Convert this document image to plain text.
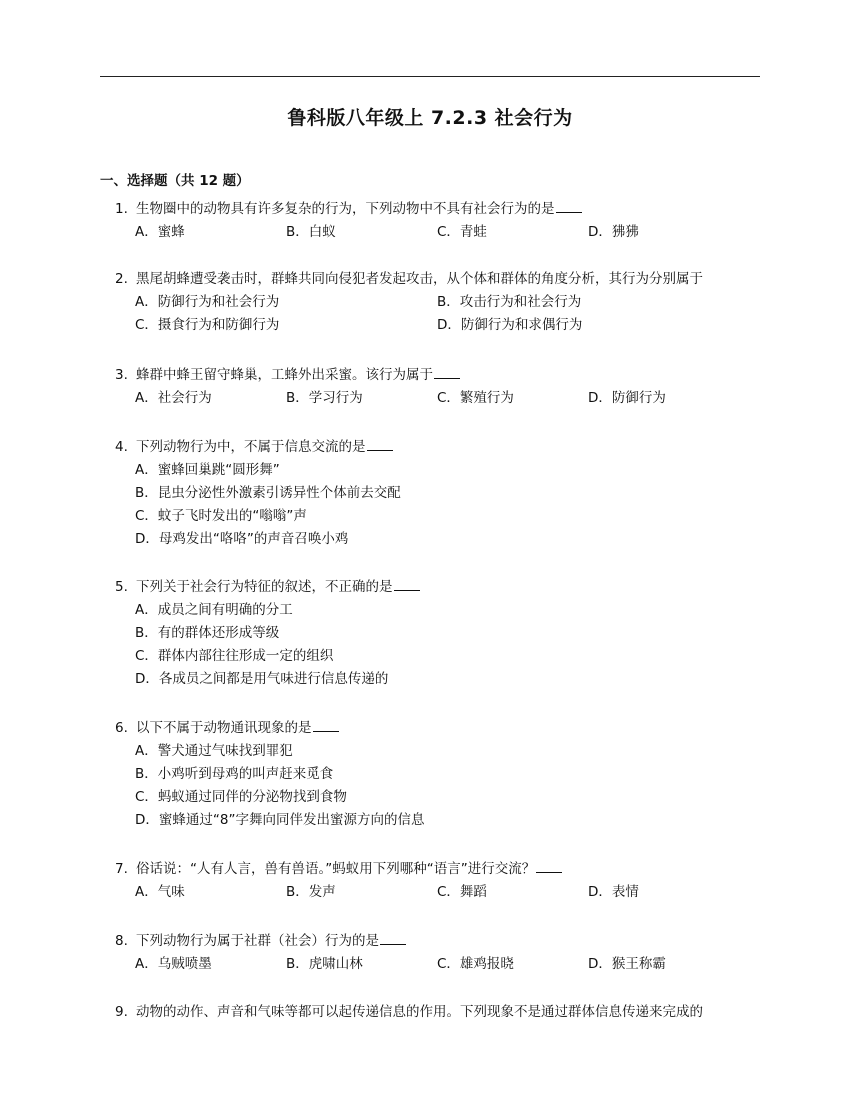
鲁科版八年级上 7.2.3 社会行为
一、选择题（共 12 题）
1. 生物圈中的动物具有许多复杂的行为，下列动物中不具有社会行为的是
A．蜜蜂	B．白蚁	C．青蛙	D．狒狒
2. 黑尾胡蜂遭受袭击时，群蜂共同向侵犯者发起攻击，从个体和群体的角度分析，其行为分别属于
A．防御行为和社会行为	B．攻击行为和社会行为
C．摄食行为和防御行为	D．防御行为和求偶行为
3. 蜂群中蜂王留守蜂巢，工蜂外出采蜜。该行为属于
A．社会行为	B．学习行为	C．繁殖行为	D．防御行为
4. 下列动物行为中，不属于信息交流的是
A．蜜蜂回巢跳“圆形舞”
B．昆虫分泌性外激素引诱异性个体前去交配
C．蚊子飞时发出的“嗡嗡”声
D．母鸡发出“咯咯”的声音召唤小鸡
5. 下列关于社会行为特征的叙述，不正确的是
A．成员之间有明确的分工
B．有的群体还形成等级
C．群体内部往往形成一定的组织
D．各成员之间都是用气味进行信息传递的
6. 以下不属于动物通讯现象的是
A．警犬通过气味找到罪犯
B．小鸡听到母鸡的叫声赶来觅食
C．蚂蚁通过同伴的分泌物找到食物
D．蜜蜂通过“8”字舞向同伴发出蜜源方向的信息
7. 俗话说：“人有人言，兽有兽语。”蚂蚁用下列哪种“语言”进行交流？
A．气味	B．发声	C．舞蹈	D．表情
8. 下列动物行为属于社群（社会）行为的是
A．乌贼喷墨	B．虎啸山林	C．雄鸡报晓	D．猴王称霸
9. 动物的动作、声音和气味等都可以起传递信息的作用。下列现象不是通过群体信息传递来完成的
